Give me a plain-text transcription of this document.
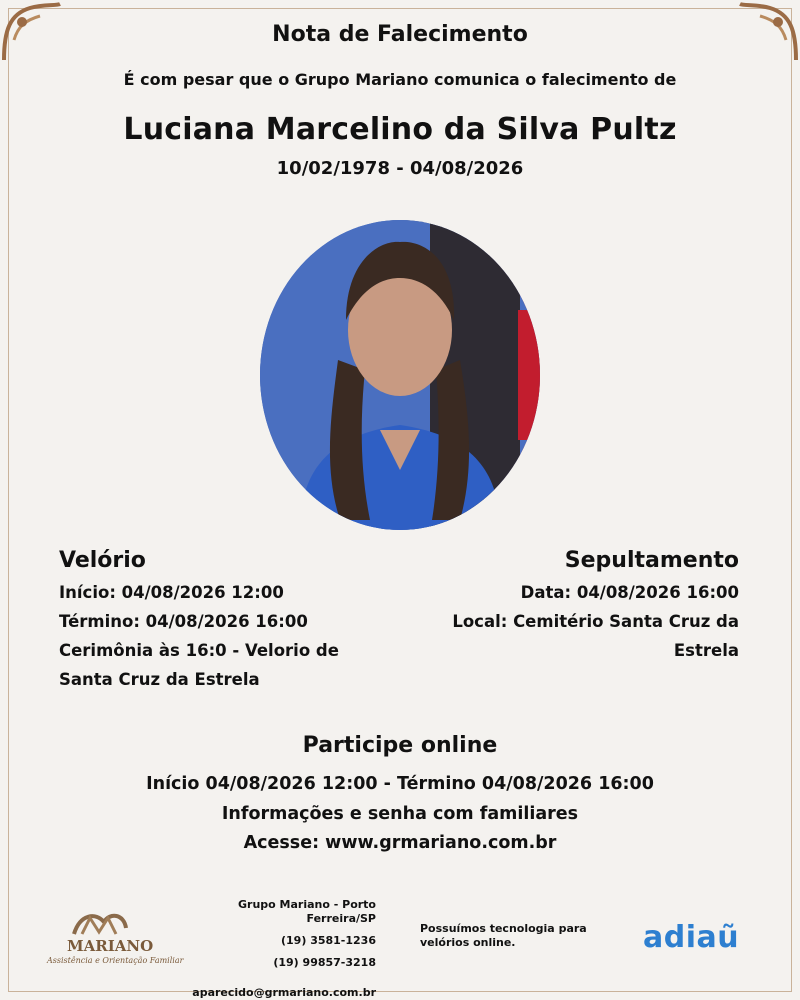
Nota de Falecimento
É com pesar que o Grupo Mariano comunica o falecimento de
Luciana Marcelino da Silva Pultz
10/02/1978 - 04/08/2026
Velório
Início: 04/08/2026 12:00
Término: 04/08/2026 16:00
Cerimônia às 16:0 - Velorio de
Santa Cruz da Estrela
Sepultamento
Data: 04/08/2026 16:00
Local: Cemitério Santa Cruz da
Estrela
Participe online
Início 04/08/2026 12:00 - Término 04/08/2026 16:00
Informações e senha com familiares
Acesse: www.grmariano.com.br
MARIANO
Assistência e Orientação Familiar
Grupo Mariano - Porto Ferreira/SP
(19) 3581-1236
(19) 99857-3218
aparecido@grmariano.com.br
Possuímos tecnologia para velórios online.	adiaũ
